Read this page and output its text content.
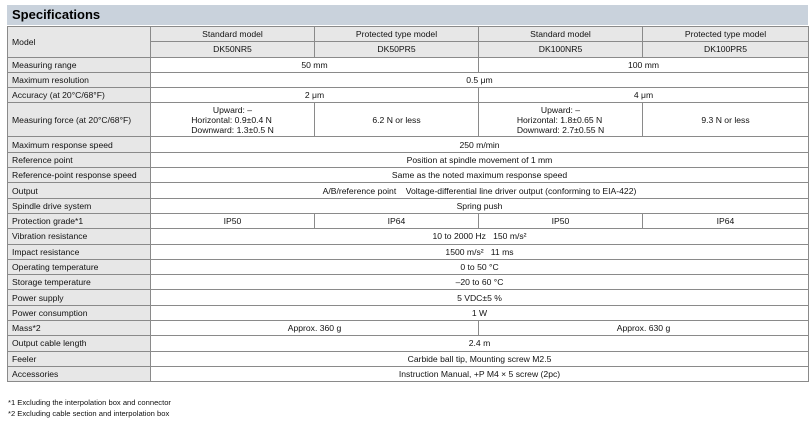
Specifications
Model	Standard model	Protected type model	Standard model	Protected type model
	DK50NR5	DK50PR5	DK100NR5	DK100PR5
Measuring range	50 mm		100 mm	
Maximum resolution	0.5 μm			
Accuracy (at 20°C/68°F)	2 μm		4 μm	
Measuring force (at 20°C/68°F)	Upward: –
Horizontal: 0.9±0.4 N
Downward: 1.3±0.5 N	6.2 N or less	Upward: –
Horizontal: 1.8±0.65 N
Downward: 2.7±0.55 N	9.3 N or less
Maximum response speed	250 m/min			
Reference point	Position at spindle movement of 1 mm			
Reference-point response speed	Same as the noted maximum response speed			
Output	A/B/reference point    Voltage-differential line driver output (conforming to EIA-422)			
Spindle drive system	Spring push			
Protection grade*1	IP50	IP64	IP50	IP64
Vibration resistance	10 to 2000 Hz   150 m/s²			
Impact resistance	1500 m/s²   11 ms			
Operating temperature	0 to 50 °C			
Storage temperature	–20 to 60 °C			
Power supply	5 VDC±5 %			
Power consumption	1 W			
Mass*2	Approx. 360 g		Approx. 630 g	
Output cable length	2.4 m			
Feeler	Carbide ball tip, Mounting screw M2.5			
Accessories	Instruction Manual, +P M4 × 5 screw (2pc)			
*1 Excluding the interpolation box and connector
*2 Excluding cable section and interpolation box
